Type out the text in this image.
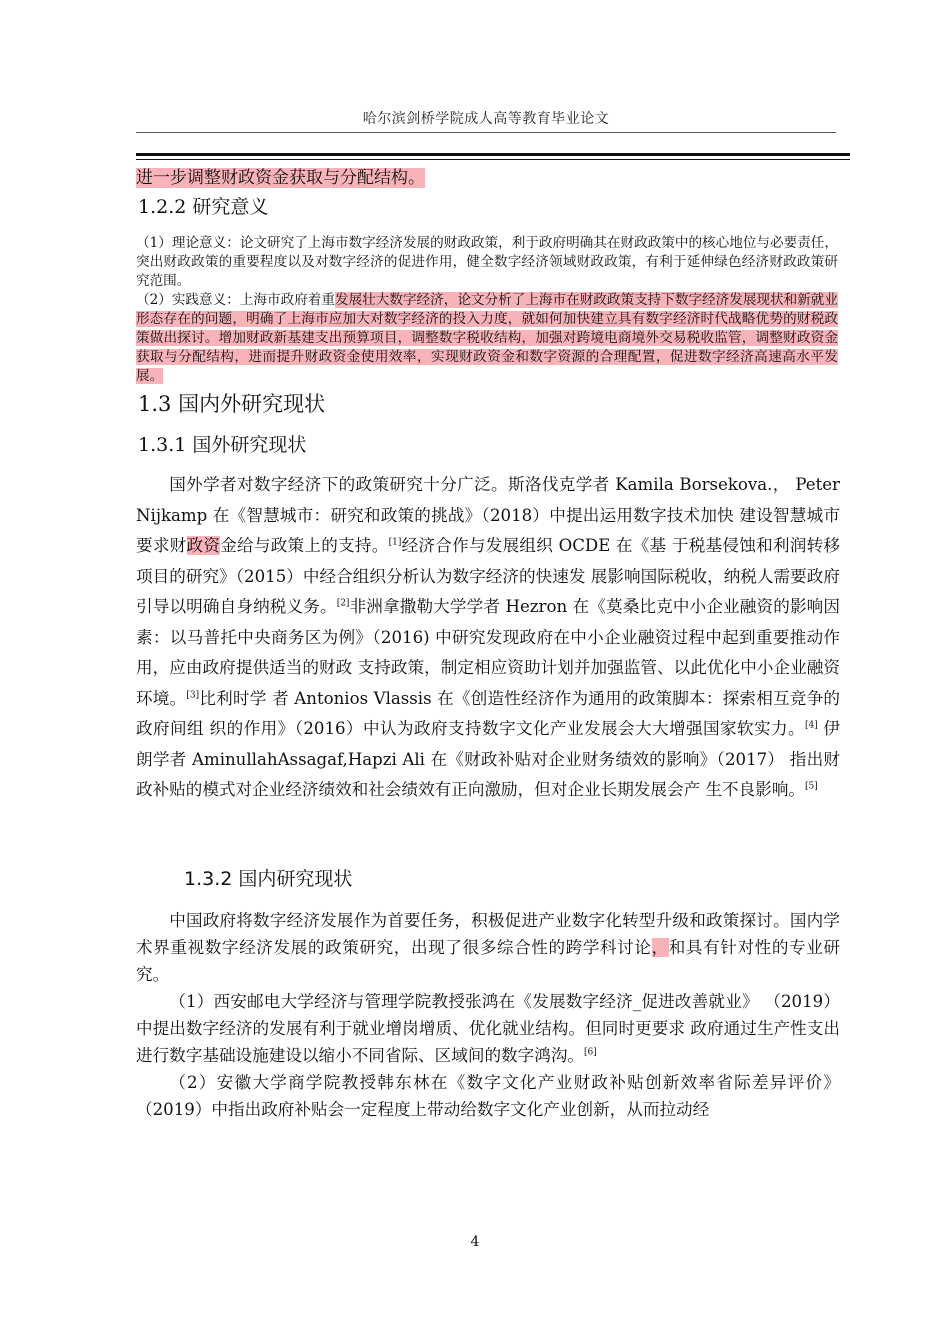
哈尔滨剑桥学院成人高等教育毕业论文
进一步调整财政资金获取与分配结构。
1.2.2 研究意义

（1）理论意义：论文研究了上海市数字经济发展的财政政策，利于政府明确其在财政政策中的核心地位与必要责任，突出财政政策的重要程度以及对数字经济的促进作用，健全数字经济领域财政政策，有利于延伸绿色经济财政政策研究范围。

（2）实践意义：上海市政府着重发展壮大数字经济，论文分析了上海市在财政政策支持下数字经济发展现状和新就业形态存在的问题，明确了上海市应加大对数字经济的投入力度，就如何加快建立具有数字经济时代战略优势的财税政策做出探讨。增加财政新基建支出预算项目，调整数字税收结构，加强对跨境电商境外交易税收监管，调整财政资金获取与分配结构，进而提升财政资金使用效率，实现财政资金和数字资源的合理配置，促进数字经济高速高水平发展。

1.3 国内外研究现状
1.3.1 国外研究现状

国外学者对数字经济下的政策研究十分广泛。斯洛伐克学者 Kamila Borsekova.， Peter Nijkamp 在《智慧城市：研究和政策的挑战》（2018）中提出运用数字技术加快 建设智慧城市要求财政资金给与政策上的支持。[1]经济合作与发展组织 OCDE 在《基 于税基侵蚀和利润转移项目的研究》（2015）中经合组织分析认为数字经济的快速发 展影响国际税收，纳税人需要政府引导以明确自身纳税义务。[2]非洲拿撒勒大学学者 Hezron 在《莫桑比克中小企业融资的影响因素：以马普托中央商务区为例》（2016) 中研究发现政府在中小企业融资过程中起到重要推动作用，应由政府提供适当的财政 支持政策，制定相应资助计划并加强监管、以此优化中小企业融资环境。[3]比利时学 者 Antonios Vlassis 在《创造性经济作为通用的政策脚本：探索相互竞争的政府间组 织的作用》（2016）中认为政府支持数字文化产业发展会大大增强国家软实力。[4] 伊朗学者 AminullahAssagaf,Hapzi Ali 在《财政补贴对企业财务绩效的影响》（2017） 指出财政补贴的模式对企业经济绩效和社会绩效有正向激励，但对企业长期发展会产 生不良影响。[5]

1.3.2 国内研究现状

中国政府将数字经济发展作为首要任务，积极促进产业数字化转型升级和政策探讨。国内学术界重视数字经济发展的政策研究，出现了很多综合性的跨学科讨论，和具有针对性的专业研究。

（1）西安邮电大学经济与管理学院教授张鸿在《发展数字经济_促进改善就业》 （2019）中提出数字经济的发展有利于就业增岗增质、优化就业结构。但同时更要求 政府通过生产性支出进行数字基础设施建设以缩小不同省际、区域间的数字鸿沟。[6]

（2）安徽大学商学院教授韩东林在《数字文化产业财政补贴创新效率省际差异评价》（2019）中指出政府补贴会一定程度上带动给数字文化产业创新，从而拉动经

4
